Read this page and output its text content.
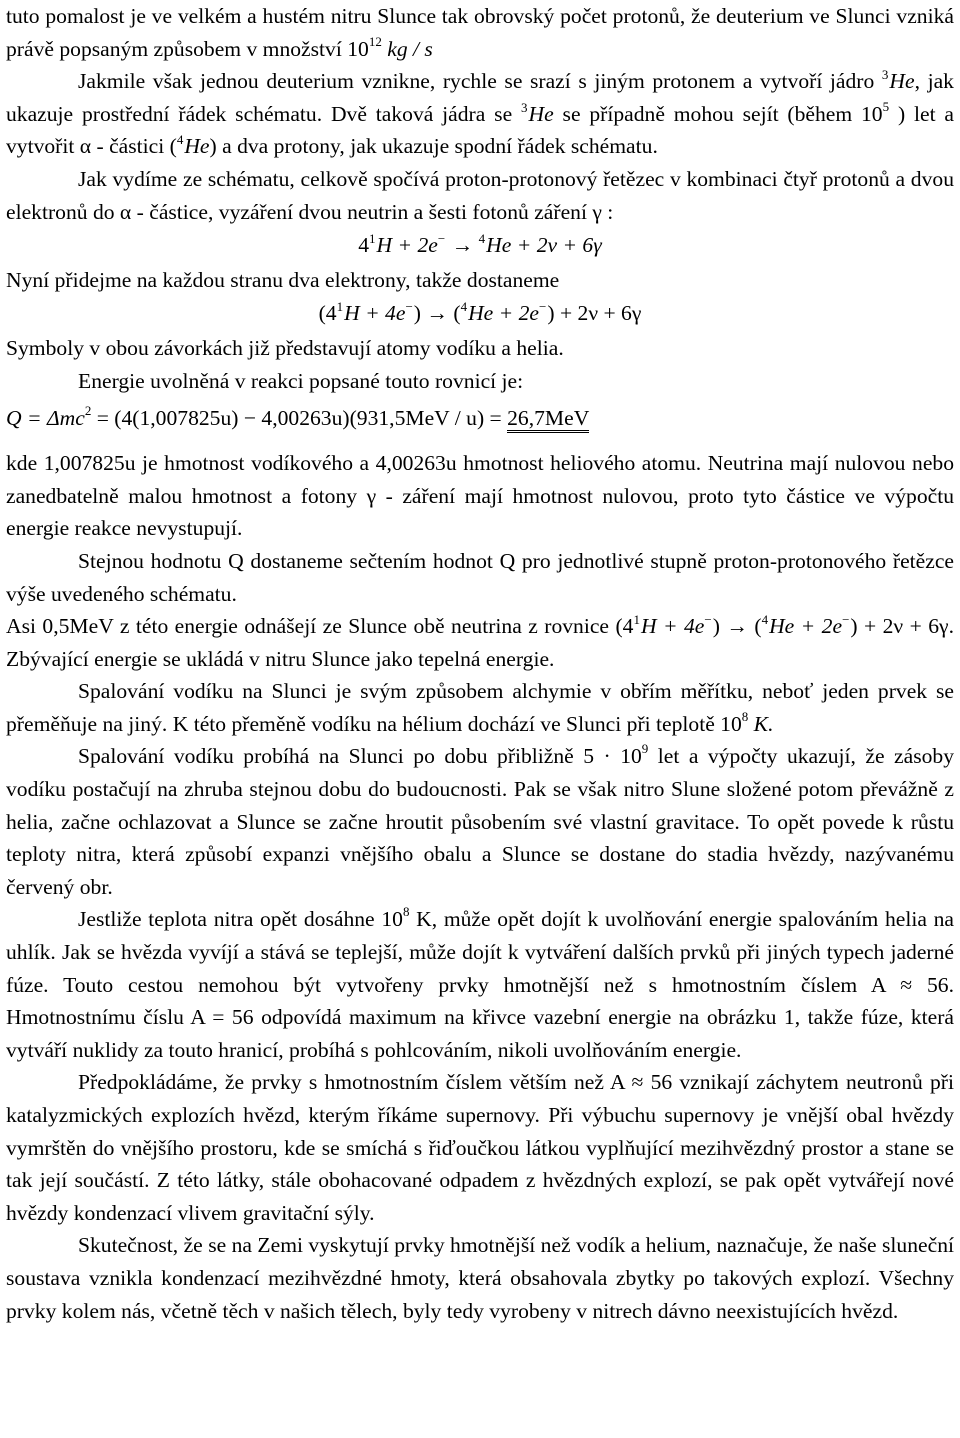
tuto pomalost je ve velkém a hustém nitru Slunce tak obrovský počet protonů, že deuterium ve Slunci vzniká právě popsaným způsobem v množství $10^{12}$ kg / s

Jakmile však jednou deuterium vznikne, rychle se srazí s jiným protonem a vytvoří jádro $^3$He, jak ukazuje prostřední řádek schématu. Dvě taková jádra se $^3$He se případně mohou sejít (během $10^5$ ) let a vytvořit α - částici ($^4$He) a dva protony, jak ukazuje spodní řádek schématu.

Jak vydíme ze schématu, celkově spočívá proton-protonový řetězec v kombinaci čtyř protonů a dvou elektronů do α - částice, vyzáření dvou neutrin a šesti fotonů záření γ :

$4^1H + 2e^- \to ^4He + 2\nu + 6\gamma$

Nyní přidejme na každou stranu dva elektrony, takže dostaneme

$(4^1H + 4e^-) \to (^4He + 2e^-) + 2\nu + 6\gamma$

Symboly v obou závorkách již představují atomy vodíku a helia.

Energie uvolněná v reakci popsané touto rovnicí je:

Q = Δmc$^2$ = (4(1,007825u) − 4,00263u)(931,5MeV / u) = 26,7MeV

kde 1,007825u je hmotnost vodíkového a 4,00263u hmotnost heliového atomu. Neutrina mají nulovou nebo zanedbatelně malou hmotnost a fotony γ - záření mají hmotnost nulovou, proto tyto částice ve výpočtu energie reakce nevystupují.

Stejnou hodnotu Q dostaneme sečtením hodnot Q pro jednotlivé stupně proton-protonového řetězce výše uvedeného schématu.

Asi 0,5MeV z této energie odnášejí ze Slunce obě neutrina z rovnice $(4^1H + 4e^-) \to (^4He + 2e^-) + 2\nu + 6\gamma$. Zbývající energie se ukládá v nitru Slunce jako tepelná energie.

Spalování vodíku na Slunci je svým způsobem alchymie v obřím měřítku, neboť jeden prvek se přeměňuje na jiný. K této přeměně vodíku na hélium dochází ve Slunci při teplotě $10^8$ K.

Spalování vodíku probíhá na Slunci po dobu přibližně $5 \cdot 10^9$ let a výpočty ukazují, že zásoby vodíku postačují na zhruba stejnou dobu do budoucnosti. Pak se však nitro Slune složené potom převážně z helia, začne ochlazovat a Slunce se začne hroutit působením své vlastní gravitace. To opět povede k růstu teploty nitra, která způsobí expanzi vnějšího obalu a Slunce se dostane do stadia hvězdy, nazývanému červený obr.

Jestliže teplota nitra opět dosáhne $10^8$ K, může opět dojít k uvolňování energie spalováním helia na uhlík. Jak se hvězda vyvíjí a stává se teplejší, může dojít k vytváření dalších prvků při jiných typech jaderné fúze. Touto cestou nemohou být vytvořeny prvky hmotnější než s hmotnostním číslem A ≈ 56. Hmotnostnímu číslu A = 56 odpovídá maximum na křivce vazební energie na obrázku 1, takže fúze, která vytváří nuklidy za touto hranicí, probíhá s pohlcováním, nikoli uvolňováním energie.

Předpokládáme, že prvky s hmotnostním číslem větším než A ≈ 56 vznikají záchytem neutronů při katalyzmických explozích hvězd, kterým říkáme supernovy. Při výbuchu supernovy je vnější obal hvězdy vymrštěn do vnějšího prostoru, kde se smíchá s řiďoučkou látkou vyplňující mezihvězdný prostor a stane se tak její součástí. Z této látky, stále obohacované odpadem z hvězdných explozí, se pak opět vytvářejí nové hvězdy kondenzací vlivem gravitační sýly.

Skutečnost, že se na Zemi vyskytují prvky hmotnější než vodík a helium, naznačuje, že naše sluneční soustava vznikla kondenzací mezihvězdné hmoty, která obsahovala zbytky po takových explozí. Všechny prvky kolem nás, včetně těch v našich tělech, byly tedy vyrobeny v nitrech dávno neexistujících hvězd.
